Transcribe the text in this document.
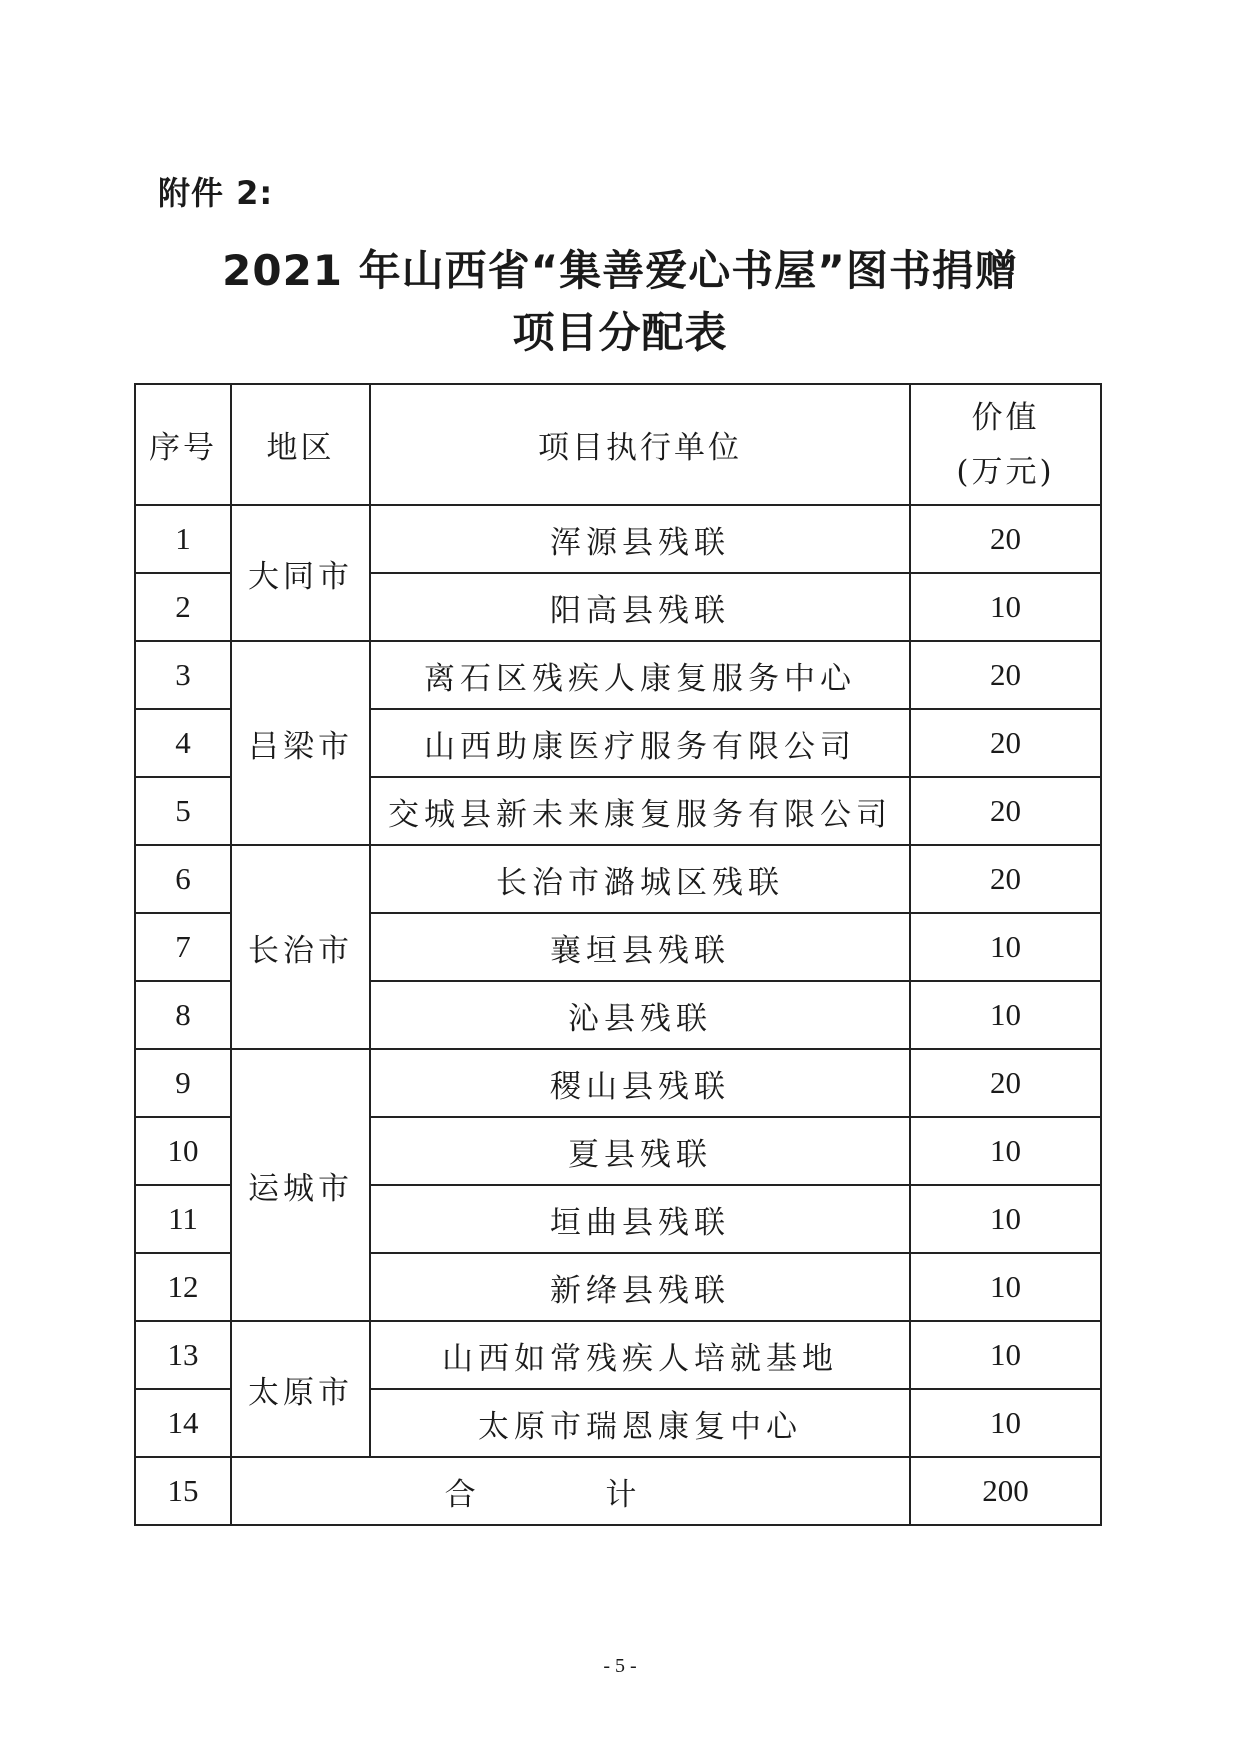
附件 2:
2021 年山西省“集善爱心书屋”图书捐赠
项目分配表
序号	地区	项目执行单位	价值
(万元)

1	大同市	浑源县残联	20
2		阳高县残联	10
3	吕梁市	离石区残疾人康复服务中心	20
4		山西助康医疗服务有限公司	20
5		交城县新未来康复服务有限公司	20
6	长治市	长治市潞城区残联	20
7		襄垣县残联	10
8		沁县残联	10
9	运城市	稷山县残联	20
10		夏县残联	10
11		垣曲县残联	10
12		新绛县残联	10
13	太原市	山西如常残疾人培就基地	10
14		太原市瑞恩康复中心	10
15	合 计		200
- 5 -
